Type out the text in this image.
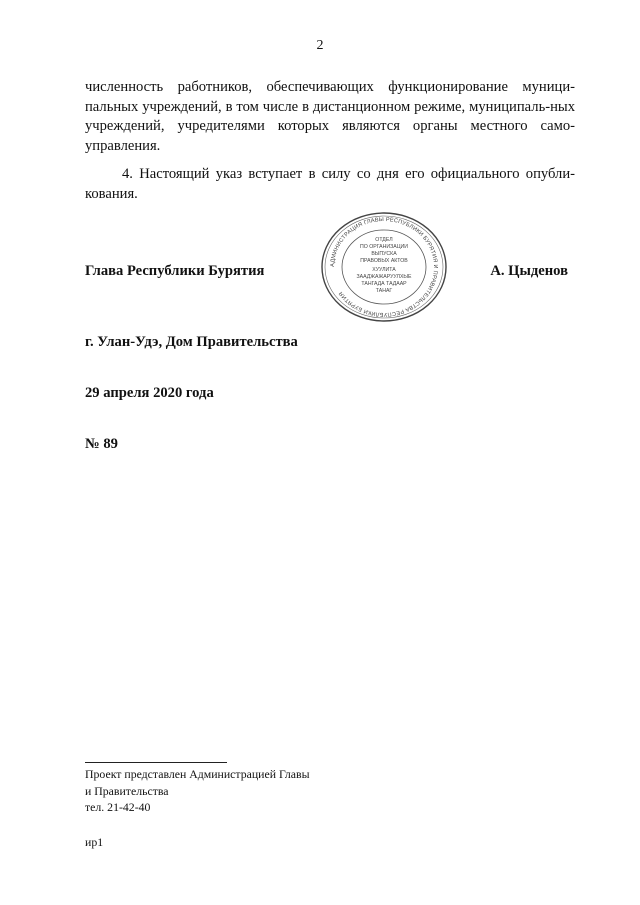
2
численность работников, обеспечивающих функционирование муници-пальных учреждений, в том числе в дистанционном режиме, муниципаль-ных учреждений, учредителями которых являются органы местного само-управления.
4. Настоящий указ вступает в силу со дня его официального опубли-кования.
Глава Республики Бурятия	АДМИНИСТРАЦИЯ ГЛАВЫ РЕСПУБЛИКИ БУРЯТИЯ И ПРАВИТЕЛЬСТВА РЕСПУБЛИКИ БУРЯТИЯ
ОТДЕЛ
ПО ОРГАНИЗАЦИИ
ВЫПУСКА
ПРАВОВЫХ АКТОВ
ХУУЛИТА
ЗААДЖАЖАРУУЛХЫЕ
ТАНГАДА ТАДААР
ТАНАГ
А. Цыденов
г. Улан-Удэ, Дом Правительства
29 апреля 2020 года
№ 89
Проект представлен Администрацией Главы
и Правительства
тел. 21-42-40
ир1
